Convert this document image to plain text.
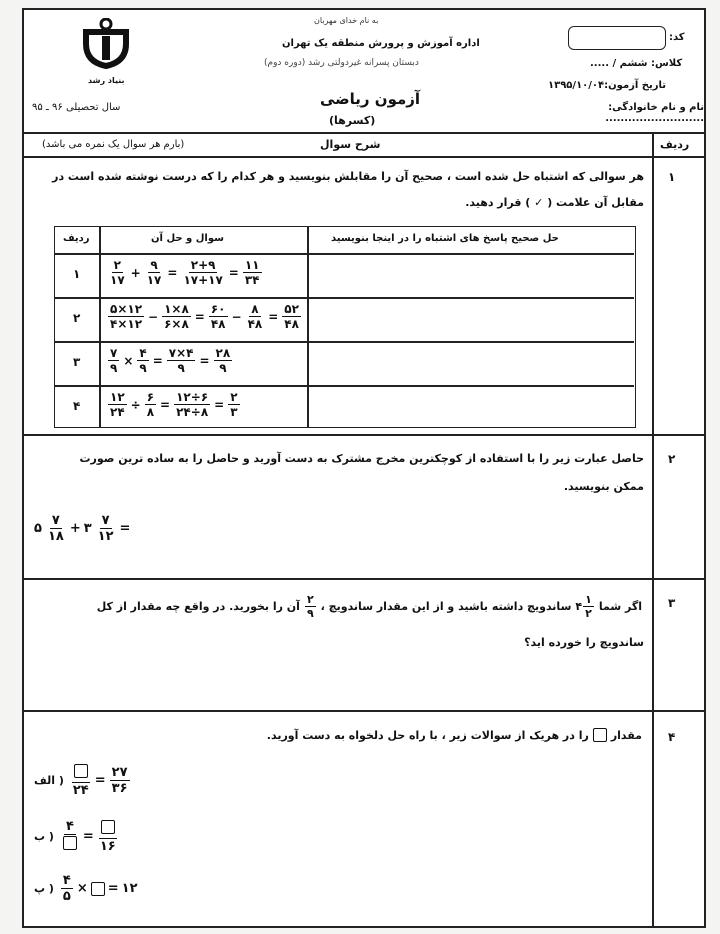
به نام خدای مهربان
اداره آموزش و پرورش منطقه یک تهران
دبستان پسرانه غیردولتی رشد (دوره دوم)
آزمون ریاضی
(کسرها)
سال تحصیلی ۹۶ ـ ۹۵
کد:
کلاس: ششم / .....
تاریخ آزمون:۱۳۹۵/۱۰/۰۴
نام و نام خانوادگی: ..........................
بنیاد رشد
ردیف
شرح سوال
(بارم هر سوال یک نمره می باشد)
۱
هر سوالی که اشتباه حل شده است ، صحیح آن را مقابلش بنویسید و هر کدام را که درست نوشته شده است در
مقابل آن علامت ( ✓ ) قرار دهید.
ردیف	سوال و حل آن	حل صحیح پاسخ های اشتباه را در اینجا بنویسید
۱ $\frac{۲}{۱۷} + \frac{۹}{۱۷} = \frac{۲+۹}{۱۷+۱۷} = \frac{۱۱}{۳۴}$
۲ $\frac{۵\times ۱۲}{۴\times ۱۲} - \frac{۱\times ۸}{۶\times ۸} = \frac{۶۰}{۴۸} - \frac{۸}{۴۸} = \frac{۵۲}{۴۸}$
۳ $\frac{۷}{۹} \times \frac{۴}{۹} = \frac{۷\times ۴}{۹} = \frac{۲۸}{۹}$
۴ $\frac{۱۲}{۲۴} \div \frac{۶}{۸} = \frac{۱۲\div ۶}{۲۴\div ۸} = \frac{۲}{۳}$
۲
حاصل عبارت زیر را با استفاده از کوچکترین مخرج مشترک به دست آورید و حاصل را به ساده ترین صورت
ممکن بنویسید.
۵ $\frac{۷}{۱۸}$ + ۳ $\frac{۷}{۱۲}$ =
۳
اگر شما
۴ $\frac{۱}{۲}$
ساندویچ داشته باشید و از این مقدار ساندویچ ،
$\frac{۲}{۹}$
آن را بخورید. در واقع چه مقدار از کل
ساندویچ را خورده اید؟
۴
مقدار
را در هریک از سوالات زیر ، با راه حل دلخواه به دست آورید.
( الف
۲۴
= $\frac{۲۷}{۳۶}$
( ب
۴
=
۱۶
( پ $\frac{۴}{۵}$ × = ۱۲
